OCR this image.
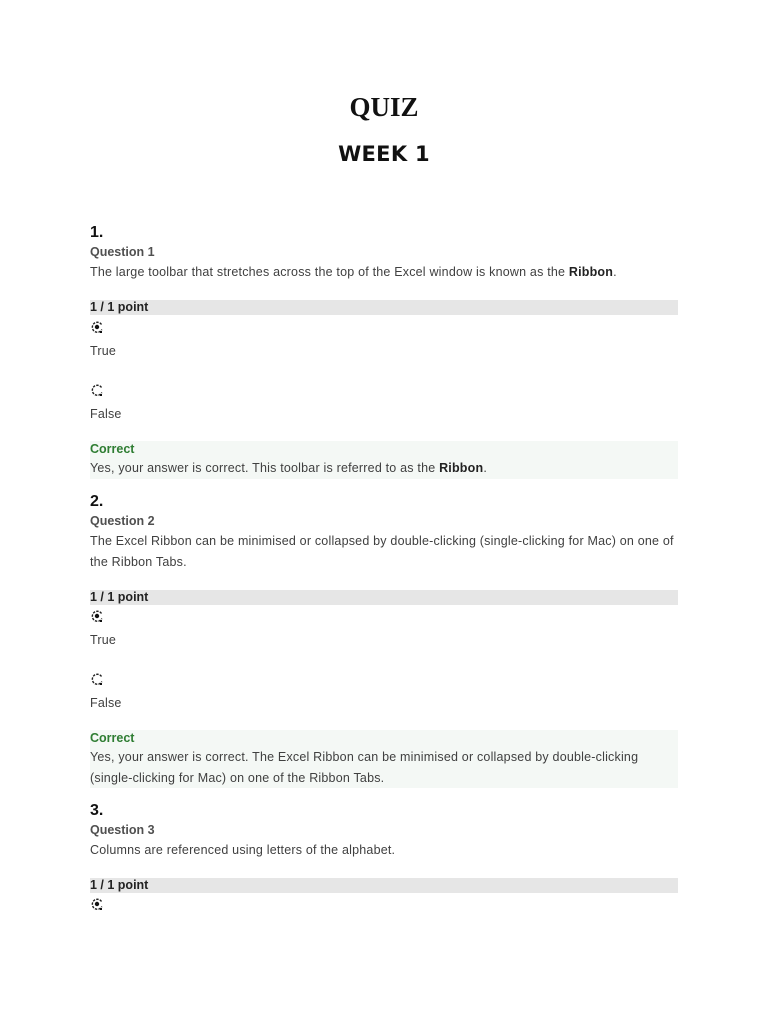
QUIZ
WEEK 1
1.
Question 1
The large toolbar that stretches across the top of the Excel window is known as the Ribbon.
1 / 1 point
True
False
Correct
Yes, your answer is correct. This toolbar is referred to as the Ribbon.
2.
Question 2
The Excel Ribbon can be minimised or collapsed by double-clicking (single-clicking for Mac) on one of the Ribbon Tabs.
1 / 1 point
True
False
Correct
Yes, your answer is correct. The Excel Ribbon can be minimised or collapsed by double-clicking (single-clicking for Mac) on one of the Ribbon Tabs.
3.
Question 3
Columns are referenced using letters of the alphabet.
1 / 1 point
